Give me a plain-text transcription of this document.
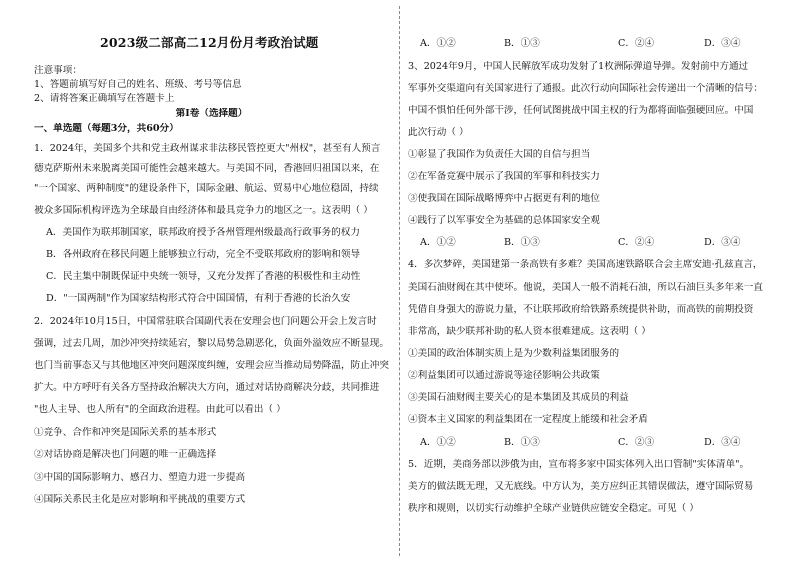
2023级二部高二12月份月考政治试题
注意事项：
1、答题前填写好自己的姓名、班级、考号等信息
2、请将答案正确填写在答题卡上
第Ⅰ卷（选择题）
一、单选题（每题3分，共60分）
1．2024年，美国多个共和党主政州谋求非法移民管控更大"州权"，甚至有人预言
德克萨斯州未来脱离美国可能性会越来越大。与美国不同，香港回归祖国以来，在
"一个国家、两种制度"的建设条件下，国际金融、航运、贸易中心地位稳固，持续
被众多国际机构评选为全球最自由经济体和最具竞争力的地区之一。这表明（ ）
A．美国作为联邦制国家，联邦政府授予各州管理州级最高行政事务的权力
B．各州政府在移民问题上能够独立行动，完全不受联邦政府的影响和领导
C．民主集中制既保证中央统一领导，又充分发挥了香港的积极性和主动性
D．"一国两制"作为国家结构形式符合中国国情，有利于香港的长治久安
2．2024年10月15日，中国常驻联合国副代表在安理会也门问题公开会上发言时
强调，过去几周，加沙冲突持续延宕，黎以局势急剧恶化，负面外溢效应不断显现。
也门当前事态又与其他地区冲突问题深度纠缠，安理会应当推动局势降温，防止冲突
扩大。中方呼吁有关各方坚持政治解决大方向，通过对话协商解决分歧，共同推进
"也人主导、也人所有"的全面政治进程。由此可以看出（ ）
①竞争、合作和冲突是国际关系的基本形式
②对话协商是解决也门问题的唯一正确选择
③中国的国际影响力、感召力、塑造力进一步提高
④国际关系民主化是应对影响和平挑战的重要方式
A．①②	B．①③	C．②④	D．③④
3、2024年9月，中国人民解放军成功发射了1枚洲际弹道导弹。发射前中方通过
军事外交渠道向有关国家进行了通报。此次行动向国际社会传递出一个清晰的信号：
中国不惧怕任何外部干涉，任何试图挑战中国主权的行为都将面临强硬回应。中国
此次行动（ ）
①彰显了我国作为负责任大国的自信与担当
②在军备竞赛中展示了我国的军事和科技实力
③使我国在国际战略博弈中占据更有利的地位
④践行了以军事安全为基础的总体国家安全观
A．①②	B．①③	C．②④	D．③④
4．多次梦碎，美国建第一条高铁有多难？美国高速铁路联合会主席安迪·孔兹直言，
美国石油财阀在其中使坏。他说，美国人一般不消耗石油，所以石油巨头多年来一直
凭借自身强大的游说力量，不让联邦政府给铁路系统提供补助，而高铁的前期投资
非常高，缺少联邦补助的私人资本很难建成。这表明（ ）
①美国的政治体制实质上是为少数利益集团服务的
②利益集团可以通过游说等途径影响公共政策
③美国石油财阀主要关心的是本集团及其成员的利益
④资本主义国家的利益集团在一定程度上能缓和社会矛盾
A．①②	B．①③	C．②③	D．③④
5．近期，美商务部以涉俄为由，宣布将多家中国实体列入出口管制"实体清单"。
美方的做法既无理，又无底线。中方认为，美方应纠正其错误做法，遵守国际贸易
秩序和规则，以切实行动维护全球产业链供应链安全稳定。可见（ ）
